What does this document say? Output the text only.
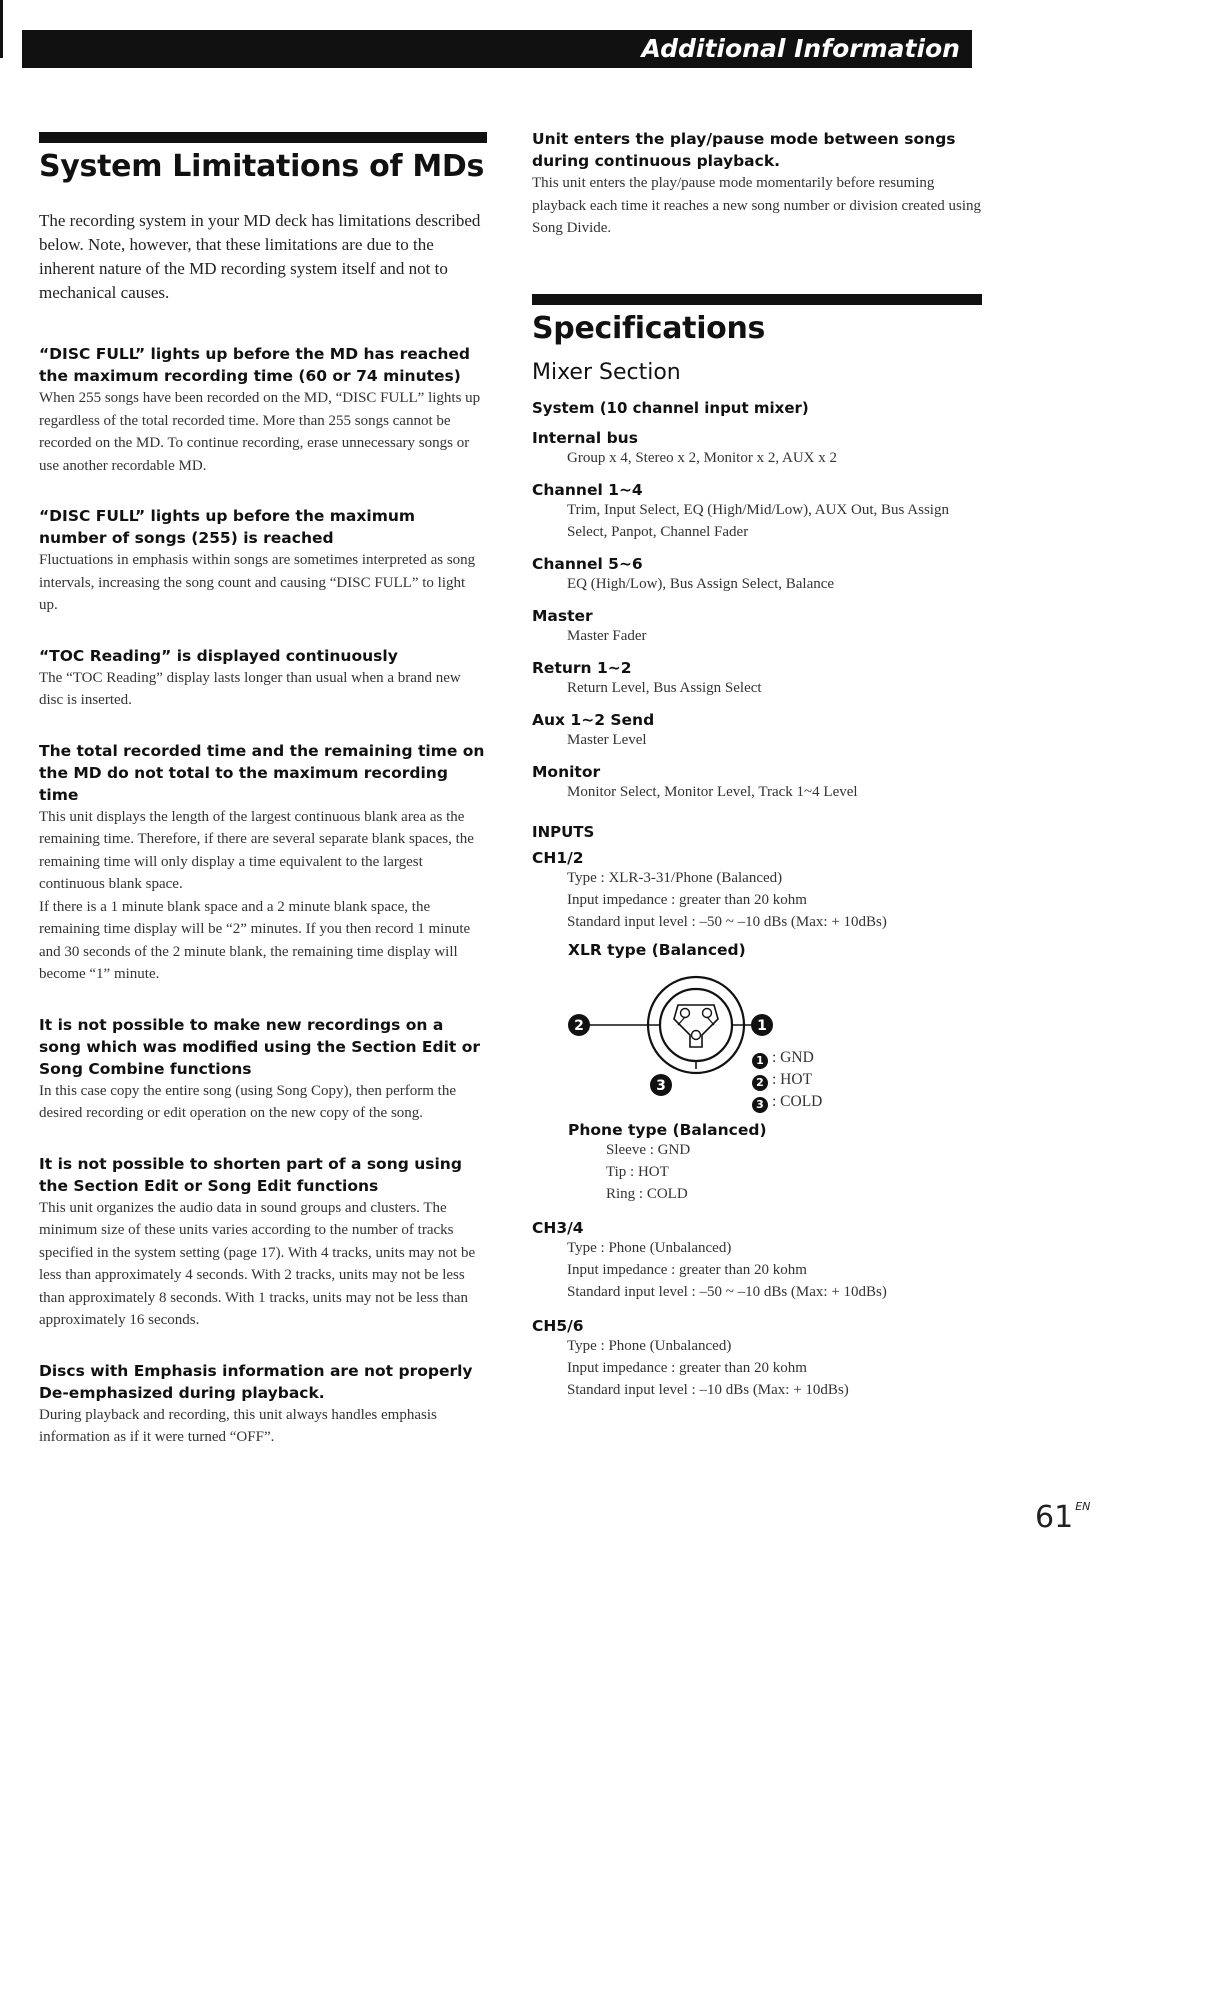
Additional Information
System Limitations of MDs
The recording system in your MD deck has limitations described below. Note, however, that these limitations are due to the inherent nature of the MD recording system itself and not to mechanical causes.
“DISC FULL” lights up before the MD has reached the maximum recording time (60 or 74 minutes)
When 255 songs have been recorded on the MD, “DISC FULL” lights up regardless of the total recorded time. More than 255 songs cannot be recorded on the MD. To continue recording, erase unnecessary songs or use another recordable MD.
“DISC FULL” lights up before the maximum number of songs (255) is reached
Fluctuations in emphasis within songs are sometimes interpreted as song intervals, increasing the song count and causing “DISC FULL” to light up.
“TOC Reading” is displayed continuously
The “TOC Reading” display lasts longer than usual when a brand new disc is inserted.
The total recorded time and the remaining time on the MD do not total to the maximum recording time
This unit displays the length of the largest continuous blank area as the remaining time. Therefore, if there are several separate blank spaces, the remaining time will only display a time equivalent to the largest continuous blank space.
If there is a 1 minute blank space and a 2 minute blank space, the remaining time display will be “2” minutes. If you then record 1 minute and 30 seconds of the 2 minute blank, the remaining time display will become “1” minute.
It is not possible to make new recordings on a song which was modified using the Section Edit or Song Combine functions
In this case copy the entire song (using Song Copy), then perform the desired recording or edit operation on the new copy of the song.
It is not possible to shorten part of a song using the Section Edit or Song Edit functions
This unit organizes the audio data in sound groups and clusters. The minimum size of these units varies according to the number of tracks specified in the system setting (page 17). With 4 tracks, units may not be less than approximately 4 seconds. With 2 tracks, units may not be less than approximately 8 seconds. With 1 tracks, units may not be less than approximately 16 seconds.
Discs with Emphasis information are not properly De-emphasized during playback.
During playback and recording, this unit always handles emphasis information as if it were turned “OFF”.
Unit enters the play/pause mode between songs during continuous playback.
This unit enters the play/pause mode momentarily before resuming playback each time it reaches a new song number or division created using Song Divide.
Specifications
Mixer Section
System (10 channel input mixer)
Internal bus
Group x 4, Stereo x 2, Monitor x 2, AUX x 2
Channel 1~4
Trim, Input Select, EQ (High/Mid/Low), AUX Out, Bus Assign Select, Panpot, Channel Fader
Channel 5~6
EQ (High/Low), Bus Assign Select, Balance
Master
Master Fader
Return 1~2
Return Level, Bus Assign Select
Aux 1~2 Send
Master Level
Monitor
Monitor Select, Monitor Level, Track 1~4 Level
INPUTS
CH1/2
Type : XLR-3-31/Phone (Balanced)
Input impedance : greater than 20 kohm
Standard input level : –50 ~ –10 dBs (Max: + 10dBs)
XLR type (Balanced)
2	1
3
1 : GND
2 : HOT
3 : COLD
Phone type (Balanced)
Sleeve : GND
Tip : HOT
Ring : COLD
CH3/4
Type : Phone (Unbalanced)
Input impedance : greater than 20 kohm
Standard input level : –50 ~ –10 dBs (Max: + 10dBs)
CH5/6
Type : Phone (Unbalanced)
Input impedance : greater than 20 kohm
Standard input level : –10 dBs (Max: + 10dBs)
61 $^{EN}$
